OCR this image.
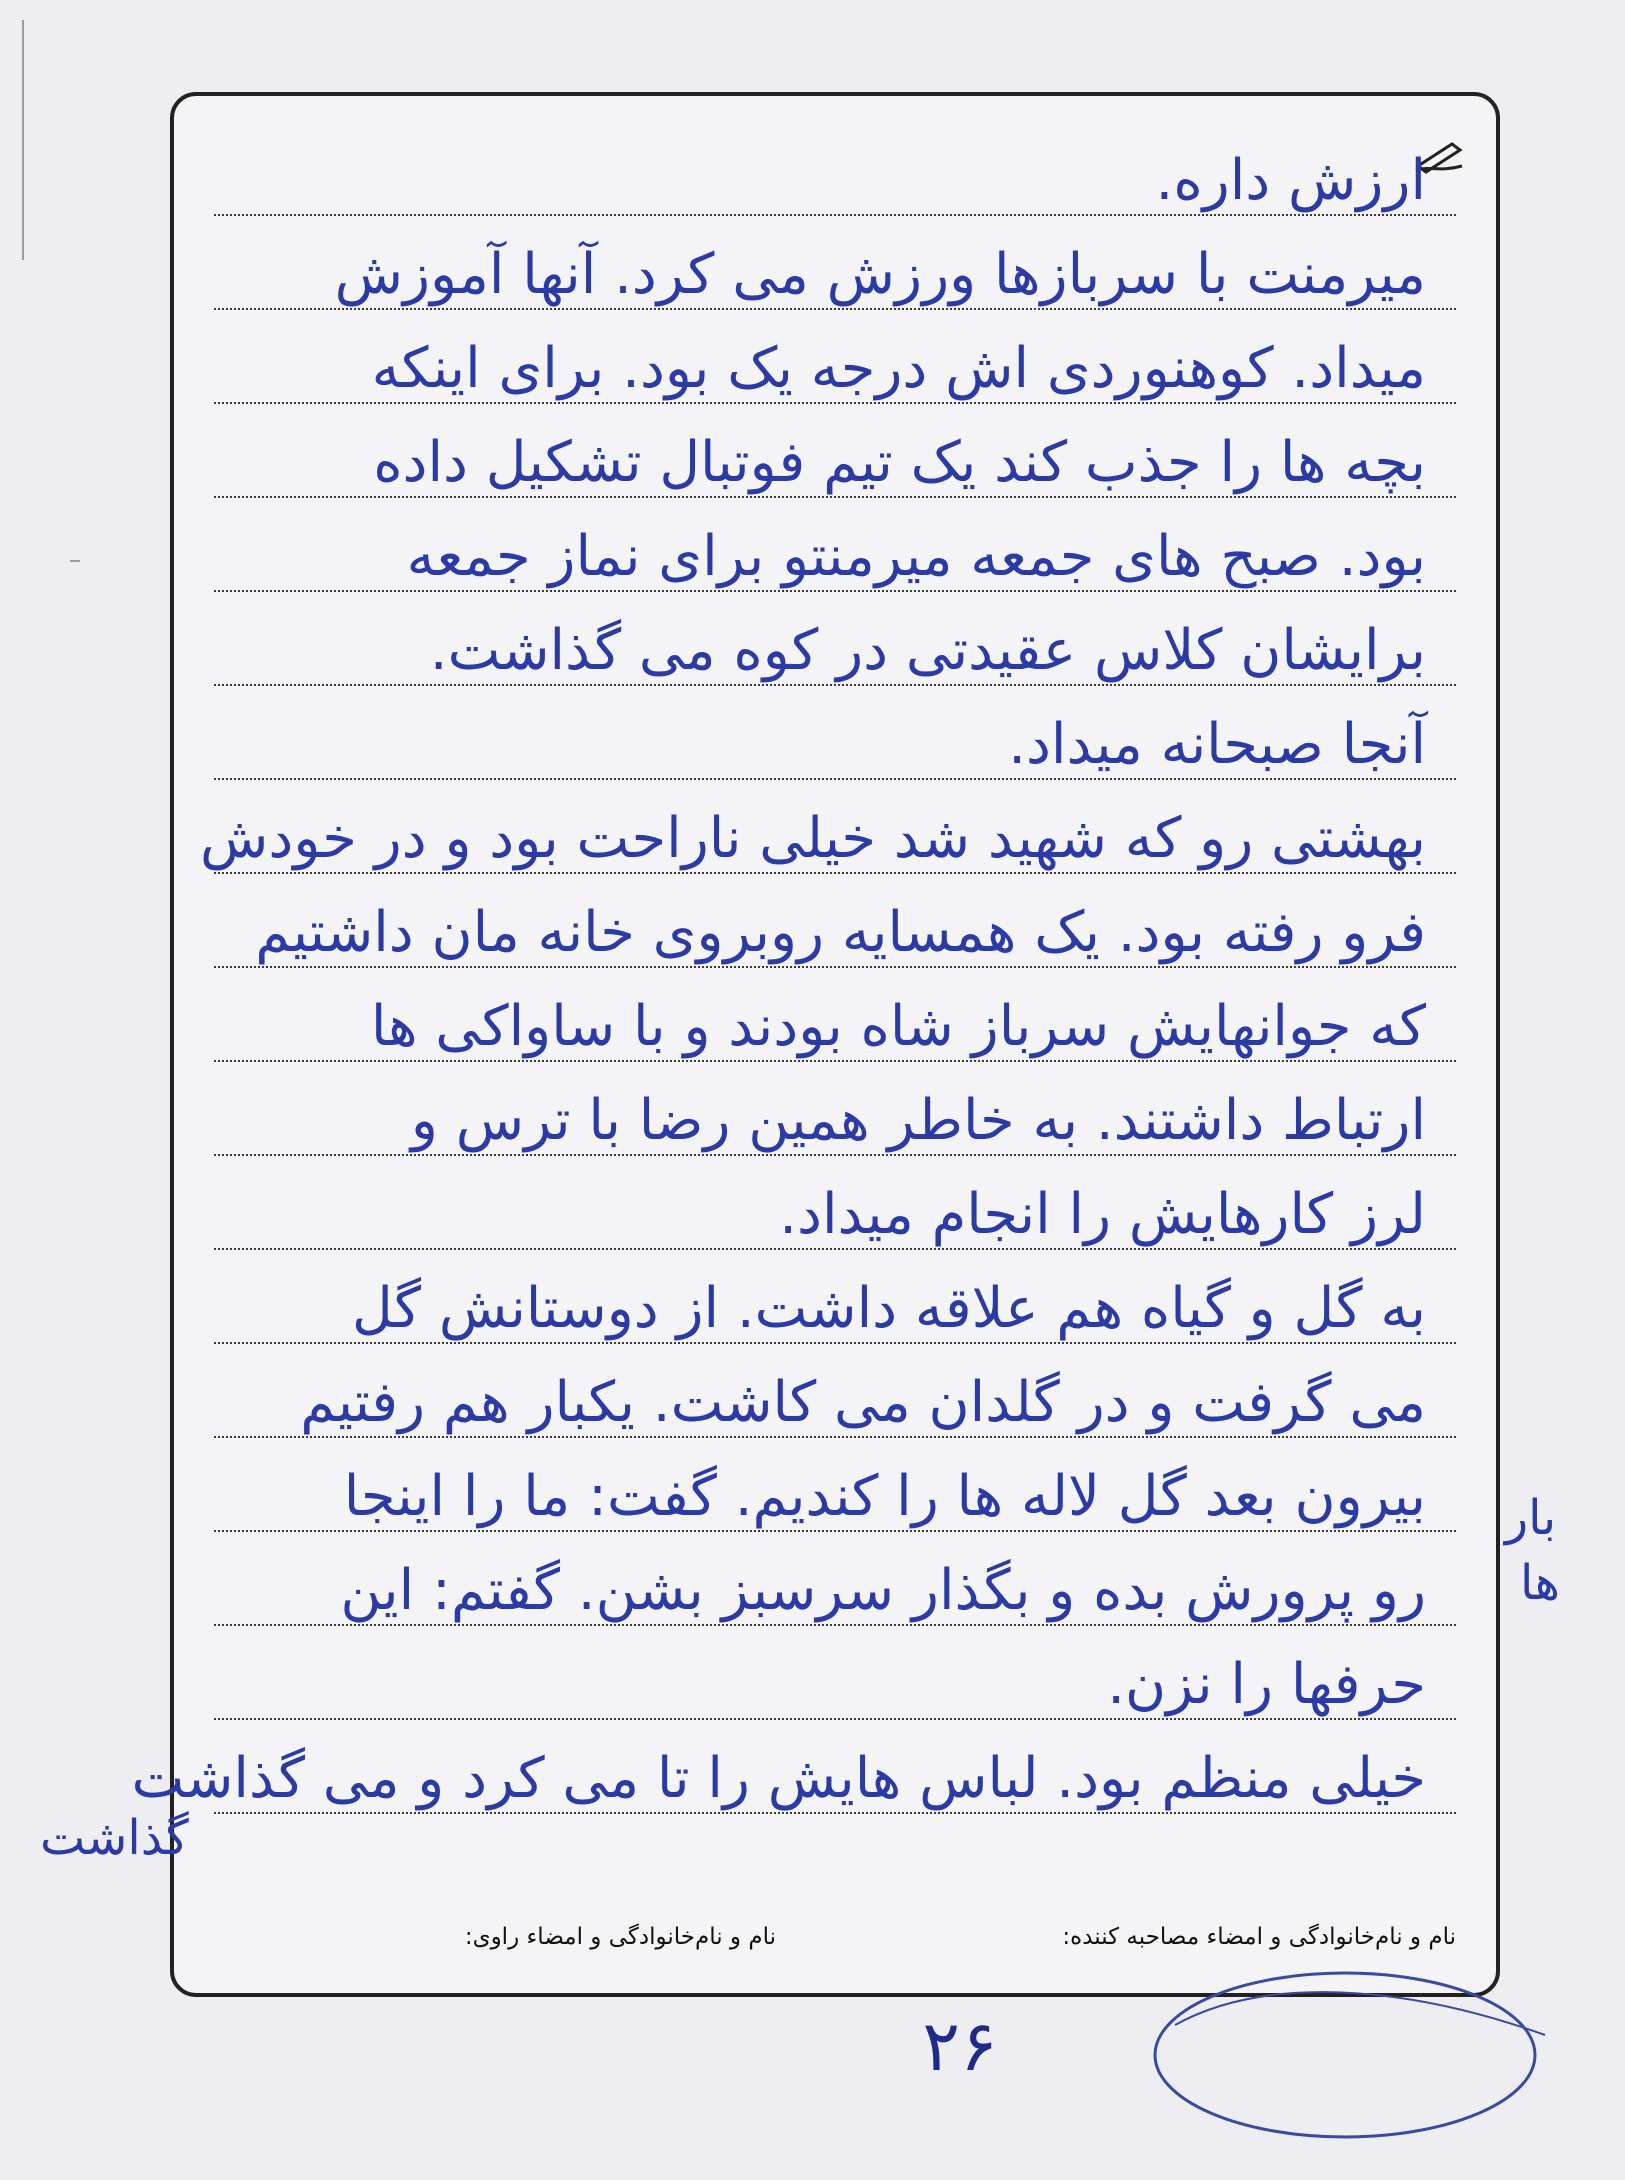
ارزش داره.
میرمنت با سربازها ورزش می کرد. آنها آموزش
میداد. کوهنوردی اش درجه یک بود. برای اینکه
بچه ها را جذب کند یک تیم فوتبال تشکیل داده
بود. صبح های جمعه میرمنتو برای نماز جمعه
برایشان کلاس عقیدتی در کوه می گذاشت.
آنجا صبحانه میداد.
بهشتی رو که شهید شد خیلی ناراحت بود و در خودش
فرو رفته بود. یک همسایه روبروی خانه مان داشتیم
که جوانهایش سرباز شاه بودند و با ساواکی ها
ارتباط داشتند. به خاطر همین رضا با ترس و
لرز کارهایش را انجام میداد.
به گل و گیاه هم علاقه داشت. از دوستانش گل
می گرفت و در گلدان می کاشت. یکبار هم رفتیم
بیرون بعد گل لاله ها را کندیم. گفت: ما را اینجا
رو پرورش بده و بگذار سرسبز بشن. گفتم: این
حرفها را نزن.
خیلی منظم بود. لباس هایش را تا می کرد و می گذاشت
نام و نام‌خانوادگی و امضاء مصاحبه کننده:
نام و نام‌خانوادگی و امضاء راوی:
بار
ها
گذاشت
۲۶
